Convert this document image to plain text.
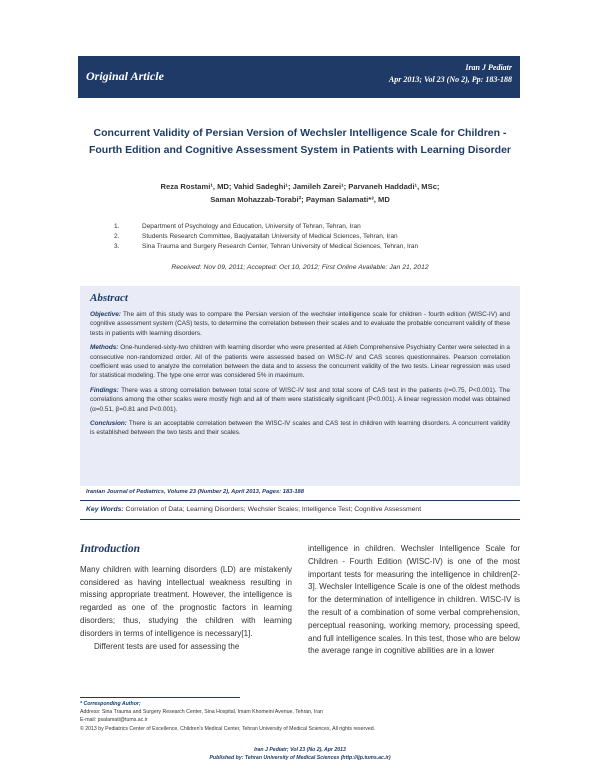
Original Article
Iran J Pediatr
Apr 2013; Vol 23 (No 2), Pp: 183-188
Concurrent Validity of Persian Version of Wechsler Intelligence Scale for Children -
Fourth Edition and Cognitive Assessment System in Patients with Learning Disorder
Reza Rostami¹, MD; Vahid Sadeghi¹; Jamileh Zarei¹; Parvaneh Haddadi¹, MSc;
Saman Mohazzab-Torabi²; Payman Salamati*³, MD
1.	Department of Psychology and Education, University of Tehran, Tehran, Iran
2.	Students Research Committee, Baqiyatallah University of Medical Sciences, Tehran, Iran
3.	Sina Trauma and Surgery Research Center, Tehran University of Medical Sciences, Tehran, Iran
Received: Nov 09, 2011; Accepted: Oct 10, 2012; First Online Available: Jan 21, 2012
Abstract

Objective: The aim of this study was to compare the Persian version of the wechsler intelligence scale for children - fourth edition (WISC-IV) and cognitive assessment system (CAS) tests, to determine the correlation between their scales and to evaluate the probable concurrent validity of these tests in patients with learning disorders.

Methods: One-hundered-sixty-two children with learning disorder who were presented at Atieh Comprehensive Psychiatry Center were selected in a consecutive non-randomized order. All of the patients were assessed based on WISC-IV and CAS scores questionnaires. Pearson correlation coefficient was used to analyze the correlation between the data and to assess the concurrent validity of the two tests. Linear regression was used for statistical modeling. The type one error was considered 5% in maximum.

Findings: There was a strong correlation between total score of WISC-IV test and total score of CAS test in the patients (r=0.75, P<0.001). The correlations among the other scales were mostly high and all of them were statistically significant (P<0.001). A linear regression model was obtained (α=0.51, β=0.81 and P<0.001).

Conclusion: There is an acceptable correlation between the WISC-IV scales and CAS test in children with learning disorders. A concurrent validity is established between the two tests and their scales.

Iranian Journal of Pediatrics, Volume 23 (Number 2), April 2013, Pages: 183-188
Key Words: Correlation of Data; Learning Disorders; Wechsler Scales; Intelligence Test; Cognitive Assessment
Introduction

Many children with learning disorders (LD) are mistakenly considered as having intellectual weakness resulting in missing appropriate treatment. However, the intelligence is regarded as one of the prognostic factors in learning disorders; thus, studying the children with learning disorders in terms of intelligence is necessary[1].

Different tests are used for assessing the

intelligence in children. Wechsler Intelligence Scale for Children - Fourth Edition (WISC-IV) is one of the most important tests for measuring the intelligence in children[2-3]. Wechsler Intelligence Scale is one of the oldest methods for the determination of intelligence in children. WISC-IV is the result of a combination of some verbal comprehension, perceptual reasoning, working memory, processing speed, and full intelligence scales. In this test, those who are below the average range in cognitive abilities are in a lower

* Corresponding Author;
Address: Sina Trauma and Surgery Research Center, Sina Hospital, Imam Khomeini Avenue, Tehran, Iran
E-mail: psalamati@tums.ac.ir
© 2013 by Pediatrics Center of Excellence, Children's Medical Center, Tehran University of Medical Sciences, All rights reserved.
Iran J Pediatr; Vol 23 (No 2), Apr 2013
Published by: Tehran University of Medical Sciences (http://ijp.tums.ac.ir)
